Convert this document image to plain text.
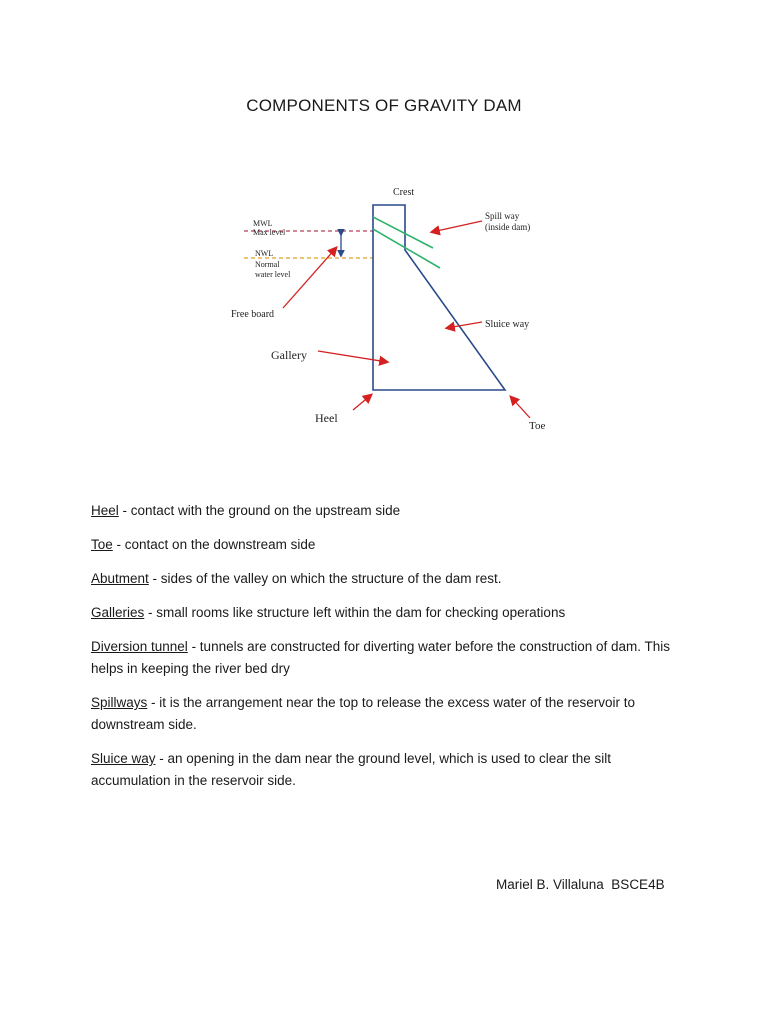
COMPONENTS OF GRAVITY DAM
Crest
MWL
Max level
NWL
Normal
water level
Free board
Gallery
Heel
Toe
Spill way
(inside dam)
Sluice way

Heel - contact with the ground on the upstream side

Toe - contact on the downstream side

Abutment - sides of the valley on which the structure of the dam rest.

Galleries - small rooms like structure left within the dam for checking operations

Diversion tunnel - tunnels are constructed for diverting water before the construction of dam. This helps in keeping the river bed dry

Spillways - it is the arrangement near the top to release the excess water of the reservoir to downstream side.

Sluice way - an opening in the dam near the ground level, which is used to clear the silt accumulation in the reservoir side.

Mariel B. Villaluna  BSCE4B
